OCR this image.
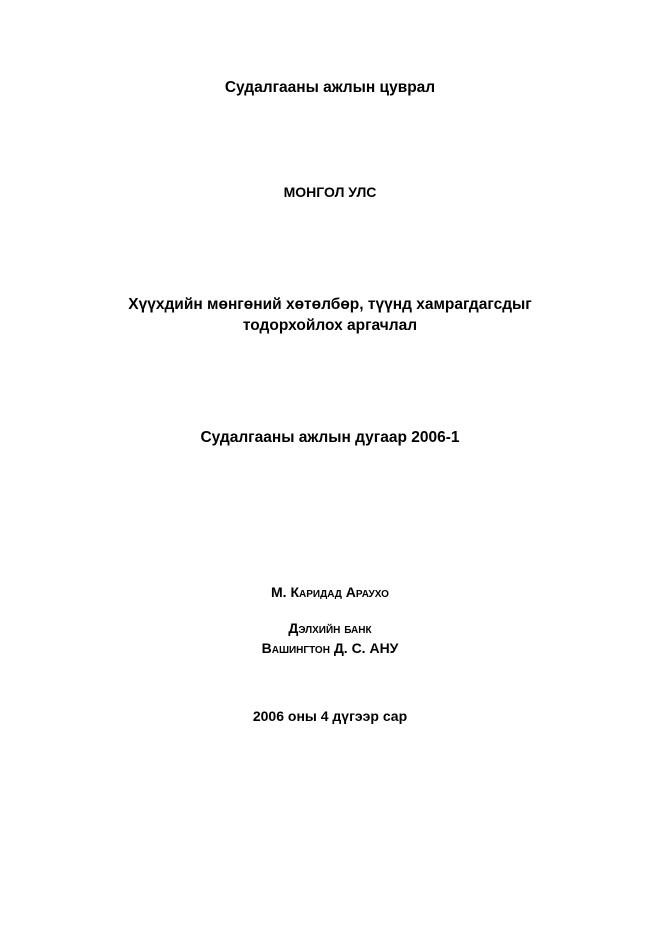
Судалгааны ажлын цуврал
МОНГОЛ УЛС
Хүүхдийн мөнгөний хөтөлбөр, түүнд хамрагдагсдыг
тодорхойлох аргачлал
Судалгааны ажлын дугаар 2006-1
М. Каридад Араухо
Дэлхийн банк
Вашингтон Д. С. АНУ
2006 оны 4 дүгээр сар
